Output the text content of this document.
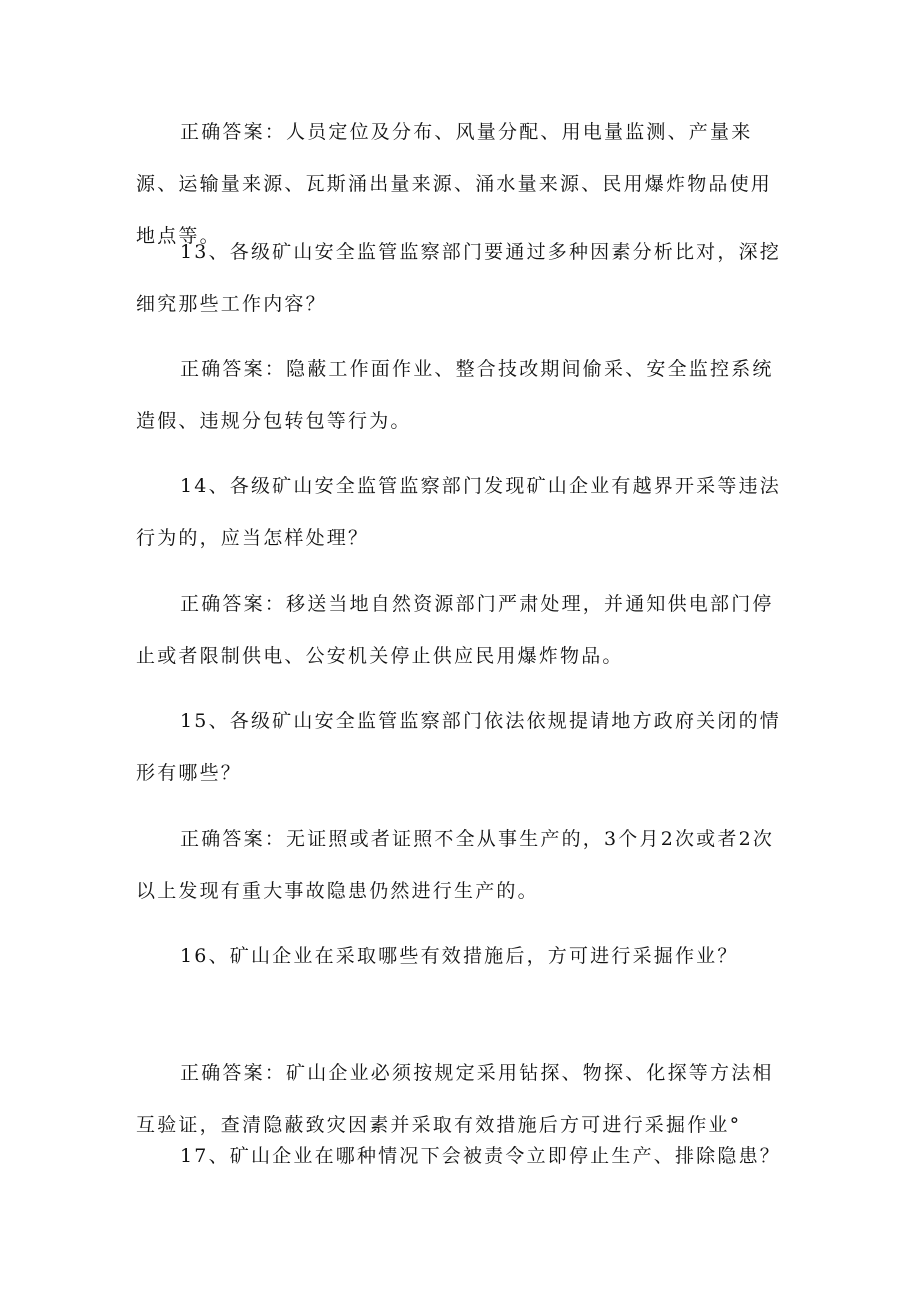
正确答案：人员定位及分布、风量分配、用电量监测、产量来源、运输量来源、瓦斯涌出量来源、涌水量来源、民用爆炸物品使用地点等。

13、各级矿山安全监管监察部门要通过多种因素分析比对，深挖细究那些工作内容？

正确答案：隐蔽工作面作业、整合技改期间偷采、安全监控系统造假、违规分包转包等行为。

14、各级矿山安全监管监察部门发现矿山企业有越界开采等违法行为的，应当怎样处理？

正确答案：移送当地自然资源部门严肃处理，并通知供电部门停止或者限制供电、公安机关停止供应民用爆炸物品。

15、各级矿山安全监管监察部门依法依规提请地方政府关闭的情形有哪些？

正确答案：无证照或者证照不全从事生产的，3个月2次或者2次以上发现有重大事故隐患仍然进行生产的。

16、矿山企业在采取哪些有效措施后，方可进行采掘作业？

正确答案：矿山企业必须按规定采用钻探、物探、化探等方法相互验证，查清隐蔽致灾因素并采取有效措施后方可进行采掘作业°

17、矿山企业在哪种情况下会被责令立即停止生产、排除隐患？
